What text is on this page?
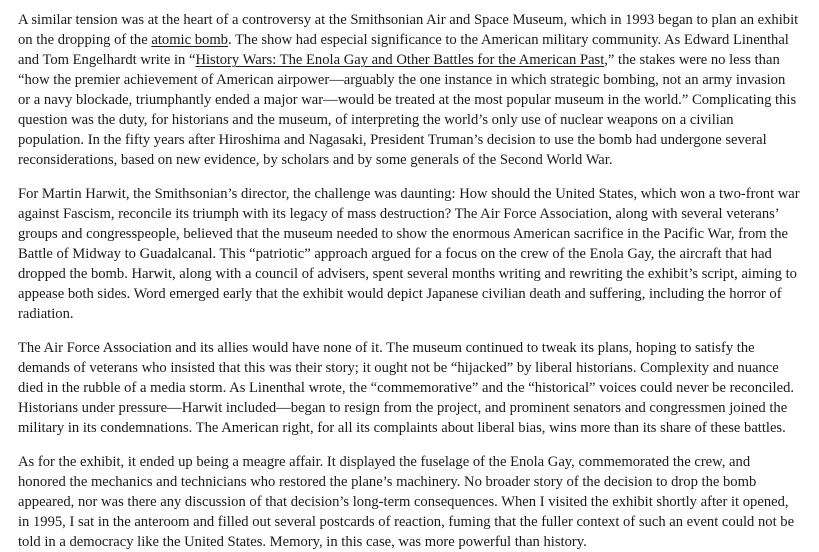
A similar tension was at the heart of a controversy at the Smithsonian Air and Space Museum, which in 1993 began to plan an exhibit on the dropping of the atomic bomb. The show had especial significance to the American military community. As Edward Linenthal and Tom Engelhardt write in “History Wars: The Enola Gay and Other Battles for the American Past,” the stakes were no less than “how the premier achievement of American airpower—arguably the one instance in which strategic bombing, not an army invasion or a navy blockade, triumphantly ended a major war—would be treated at the most popular museum in the world.” Complicating this question was the duty, for historians and the museum, of interpreting the world’s only use of nuclear weapons on a civilian population. In the fifty years after Hiroshima and Nagasaki, President Truman’s decision to use the bomb had undergone several reconsiderations, based on new evidence, by scholars and by some generals of the Second World War.

For Martin Harwit, the Smithsonian’s director, the challenge was daunting: How should the United States, which won a two-front war against Fascism, reconcile its triumph with its legacy of mass destruction? The Air Force Association, along with several veterans’ groups and congresspeople, believed that the museum needed to show the enormous American sacrifice in the Pacific War, from the Battle of Midway to Guadalcanal. This “patriotic” approach argued for a focus on the crew of the Enola Gay, the aircraft that had dropped the bomb. Harwit, along with a council of advisers, spent several months writing and rewriting the exhibit’s script, aiming to appease both sides. Word emerged early that the exhibit would depict Japanese civilian death and suffering, including the horror of radiation.

The Air Force Association and its allies would have none of it. The museum continued to tweak its plans, hoping to satisfy the demands of veterans who insisted that this was their story; it ought not be “hijacked” by liberal historians. Complexity and nuance died in the rubble of a media storm. As Linenthal wrote, the “commemorative” and the “historical” voices could never be reconciled. Historians under pressure—Harwit included—began to resign from the project, and prominent senators and congressmen joined the military in its condemnations. The American right, for all its complaints about liberal bias, wins more than its share of these battles.

As for the exhibit, it ended up being a meagre affair. It displayed the fuselage of the Enola Gay, commemorated the crew, and honored the mechanics and technicians who restored the plane’s machinery. No broader story of the decision to drop the bomb appeared, nor was there any discussion of that decision’s long-term consequences. When I visited the exhibit shortly after it opened, in 1995, I sat in the anteroom and filled out several postcards of reaction, fuming that the fuller context of such an event could not be told in a democracy like the United States. Memory, in this case, was more powerful than history.
